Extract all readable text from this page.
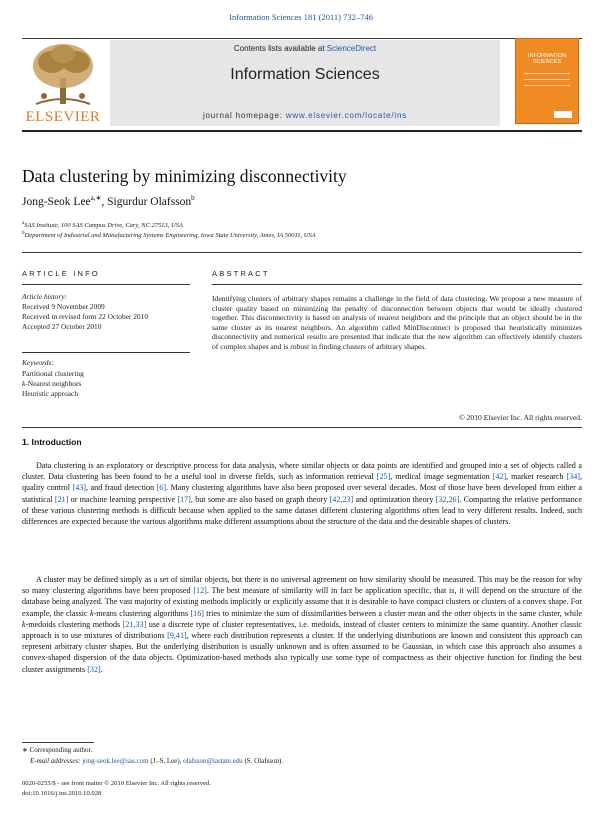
Information Sciences 181 (2011) 732–746
ELSEVIER
Contents lists available at ScienceDirect
Information Sciences
journal homepage: www.elsevier.com/locate/ins
INFORMATION
SCIENCES
Data clustering by minimizing disconnectivity
Jong-Seok Lee$^{a,∗}$, Sigurdur Olafsson$^b$
$^a$SAS Institute, 100 SAS Campus Drive, Cary, NC 27513, USA
$^b$Department of Industrial and Manufacturing Systems Engineering, Iowa State University, Ames, IA 50011, USA
ARTICLE INFO
Article history:
Received 9 November 2009
Received in revised form 22 October 2010
Accepted 27 October 2010
Keywords:
Partitional clustering
k-Nearest neighbors
Heuristic approach
ABSTRACT
Identifying clusters of arbitrary shapes remains a challenge in the field of data clustering. We propose a new measure of cluster quality based on minimizing the penalty of disconnection between objects that would be ideally clustered together. This disconnectivity is based on analysis of nearest neighbors and the principle that an object should be in the same cluster as its nearest neighbors. An algorithm called MinDisconnect is proposed that heuristically minimizes disconnectivity and numerical results are presented that indicate that the new algorithm can effectively identify clusters of complex shapes and is robust in finding clusters of arbitrary shapes.
© 2010 Elsevier Inc. All rights reserved.
1. Introduction

Data clustering is an exploratory or descriptive process for data analysis, where similar objects or data points are identified and grouped into a set of objects called a cluster. Data clustering has been found to be a useful tool in diverse fields, such as information retrieval [25], medical image segmentation [42], market research [34], quality control [43], and fraud detection [6]. Many clustering algorithms have also been proposed over several decades. Most of those have been developed from either a statistical [21] or machine learning perspective [17], but some are also based on graph theory [42,23] and optimization theory [32,26]. Comparing the relative performance of these various clustering methods is difficult because when applied to the same dataset different clustering algorithms often lead to very different results. Indeed, such differences are expected because the various algorithms make different assumptions about the structure of the data and the desirable shapes of clusters.

A cluster may be defined simply as a set of similar objects, but there is no universal agreement on how similarity should be measured. This may be the reason for why so many clustering algorithms have been proposed [12]. The best measure of similarity will in fact be application specific, that is, it will depend on the structure of the database being analyzed. The vast majority of existing methods implicitly or explicitly assume that it is desirable to have compact clusters or clusters of a convex shape. For example, the classic k-means clustering algorithms [16] tries to minimize the sum of dissimilarities between a cluster mean and the other objects in the same cluster, while k-medoids clustering methods [21,33] use a discrete type of cluster representatives, i.e. medoids, instead of cluster centers to minimize the same quantity. Another classic approach is to use mixtures of distributions [9,41], where each distribution represents a cluster. If the underlying distributions are known and consistent this approach can represent arbitrary cluster shapes. But the underlying distribution is usually unknown and is often assumed to be Gaussian, in which case this approach also assumes a convex-shaped dispersion of the data objects. Optimization-based methods also typically use some type of compactness as their objective function for finding the best cluster assignments [32].

∗ Corresponding author.
E-mail addresses: jong-seok.lee@sas.com (J.-S. Lee), olafsson@iastate.edu (S. Olafsson).
0020-0255/$ - see front matter © 2010 Elsevier Inc. All rights reserved.
doi:10.1016/j.ins.2010.10.028
